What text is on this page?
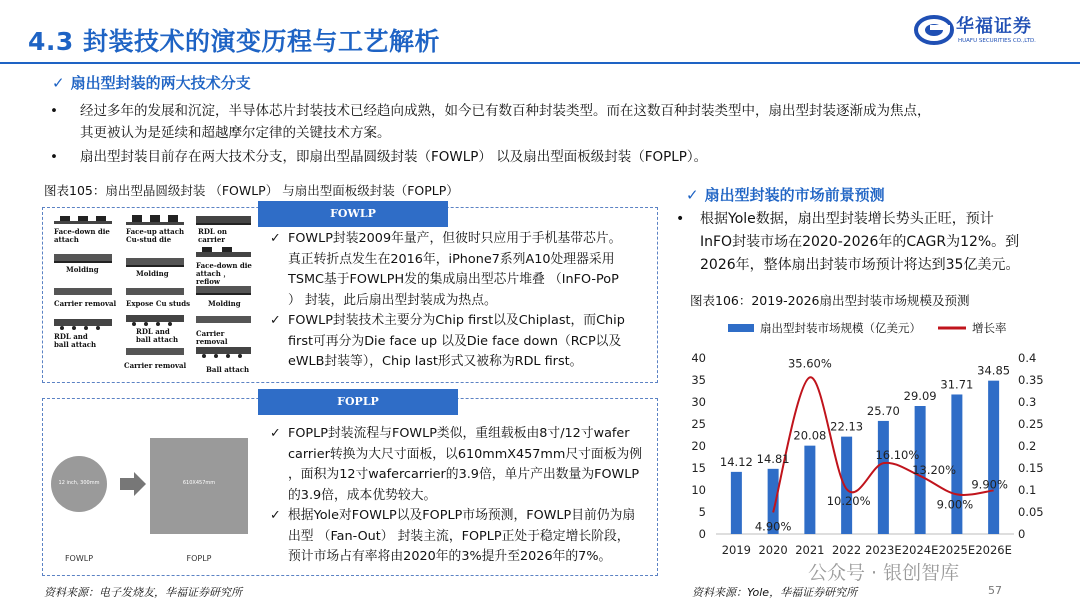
4.3 封装技术的演变历程与工艺解析
华福证券
HUAFU SECURITIES CO.,LTD.
✓ 扇出型封装的两大技术分支
• 经过多年的发展和沉淀，半导体芯片封装技术已经趋向成熟，如今已有数百种封装类型。而在这数百种封装类型中，扇出型封装逐渐成为焦点，
其更被认为是延续和超越摩尔定律的关键技术方案。
• 扇出型封装目前存在两大技术分支，即扇出型晶圆级封装（FOWLP） 以及扇出型面板级封装（FOPLP）。
图表105：扇出型晶圆级封装 （FOWLP） 与扇出型面板级封装（FOPLP）
FOWLP
Face-down die attach
Molding
Carrier removal
RDL and ball attach
Face-up attach Cu-stud die
Molding
Expose Cu studs
RDL and ball attach
Carrier removal
RDL on carrier
Face-down die attach ，reflow
Molding
Carrier removal
Ball attach
✓ FOWLP封装2009年量产，但彼时只应用于手机基带芯片。
真正转折点发生在2016年，iPhone7系列A10处理器采用
TSMC基于FOWLPH发的集成扇出型芯片堆叠 （InFO-PoP
） 封装，此后扇出型封装成为热点。
✓ FOWLP封装技术主要分为Chip first以及Chiplast，而Chip
first可再分为Die face up 以及Die face down（RCP以及
eWLB封装等），Chip last形式又被称为RDL first。
FOPLP
12 inch, 300mm	610X457mm
FOWLP	FOPLP
✓ FOPLP封装流程与FOWLP类似，重组载板由8寸/12寸wafer
carrier转换为大尺寸面板，以610mmX457mm尺寸面板为例
，面积为12寸wafercarrier的3.9倍，单片产出数量为FOWLP
的3.9倍，成本优势较大。
✓ 根据Yole对FOWLP以及FOPLP市场预测，FOWLP目前仍为扇
出型 （Fan-Out） 封装主流，FOPLP正处于稳定增长阶段，
预计市场占有率将由2020年的3%提升至2026年的7%。
资料来源：电子发烧友，华福证券研究所
✓ 扇出型封装的市场前景预测
• 根据Yole数据，扇出型封装增长势头正旺，预计
InFO封装市场在2020-2026年的CAGR为12%。到
2026年，整体扇出封装市场预计将达到35亿美元。
图表106：2019-2026扇出型封装市场规模及预测
扇出型封装市场规模（亿美元）	增长率
0
5
10
15
20
25
30
35
40
0
0.05
0.1
0.15
0.2
0.25
0.3
0.35
0.4
2019 2020 2021 2022 2023E 2024E 2025E 2026E
14.12 14.81
20.08
22.13
25.70
29.09
31.71
34.85
4.90%
35.60%
10.20%
16.10%
13.20%
9.00%
9.90%
资料来源：Yole，华福证券研究所
公众号 · 银创智库
57
